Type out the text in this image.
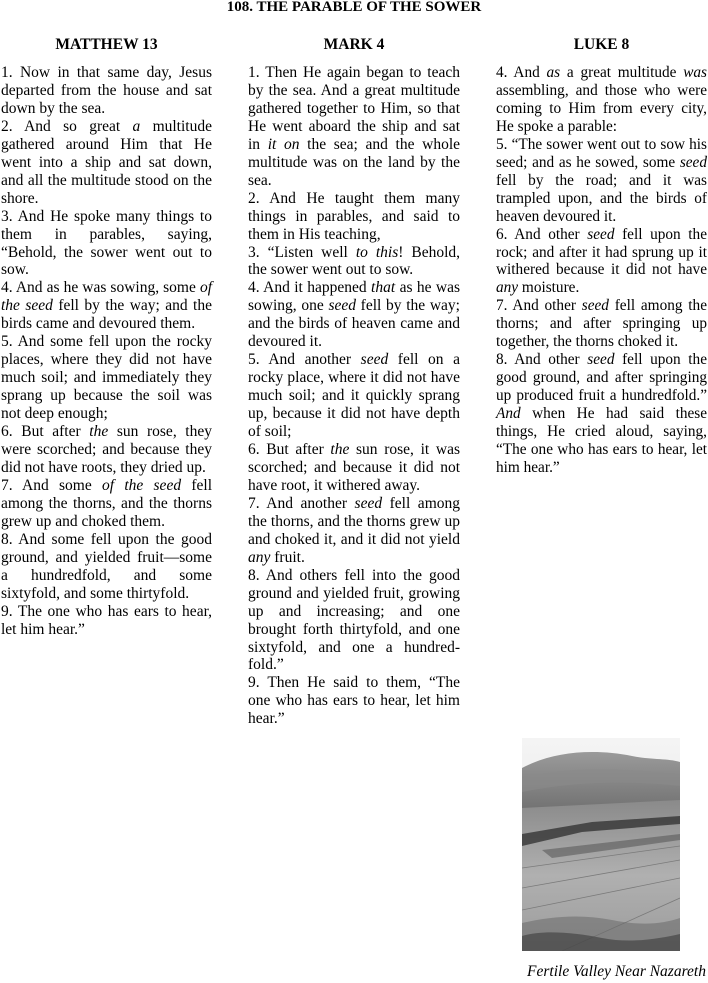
108. THE PARABLE OF THE SOWER
MATTHEW 13

1. Now in that same day, Jesus departed from the house and sat down by the sea.

2. And so great a multitude gathered around Him that He went into a ship and sat down, and all the multitude stood on the shore.

3. And He spoke many things to them in parables, saying, “Behold, the sower went out to sow.

4. And as he was sowing, some of the seed fell by the way; and the birds came and devoured them.

5. And some fell upon the rocky places, where they did not have much soil; and immediately they sprang up because the soil was not deep enough;

6. But after the sun rose, they were scorched; and because they did not have roots, they dried up.

7. And some of the seed fell among the thorns, and the thorns grew up and choked them.

8. And some fell upon the good ground, and yielded fruit—some a hundredfold, and some sixtyfold, and some thirtyfold.

9. The one who has ears to hear, let him hear.”

MARK 4

1. Then He again began to teach by the sea. And a great multitude gathered together to Him, so that He went aboard the ship and sat in it on the sea; and the whole multitude was on the land by the sea.

2. And He taught them many things in parables, and said to them in His teaching,

3. “Listen well to this! Behold, the sower went out to sow.

4. And it happened that as he was sowing, one seed fell by the way; and the birds of heaven came and devoured it.

5. And another seed fell on a rocky place, where it did not have much soil; and it quickly sprang up, because it did not have depth of soil;

6. But after the sun rose, it was scorched; and because it did not have root, it withered away.

7. And another seed fell among the thorns, and the thorns grew up and choked it, and it did not yield any fruit.

8. And others fell into the good ground and yielded fruit, growing up and increasing; and one brought forth thirtyfold, and one sixtyfold, and one a hundredfold.”

9. Then He said to them, “The one who has ears to hear, let him hear.”

LUKE 8

4. And as a great multitude was assembling, and those who were coming to Him from every city, He spoke a parable:

5. “The sower went out to sow his seed; and as he sowed, some seed fell by the road; and it was trampled upon, and the birds of heaven devoured it.

6. And other seed fell upon the rock; and after it had sprung up it withered because it did not have any moisture.

7. And other seed fell among the thorns; and after springing up together, the thorns choked it.

8. And other seed fell upon the good ground, and after springing up produced fruit a hundredfold.” And when He had said these things, He cried aloud, saying, “The one who has ears to hear, let him hear.”

Fertile Valley Near Nazareth
